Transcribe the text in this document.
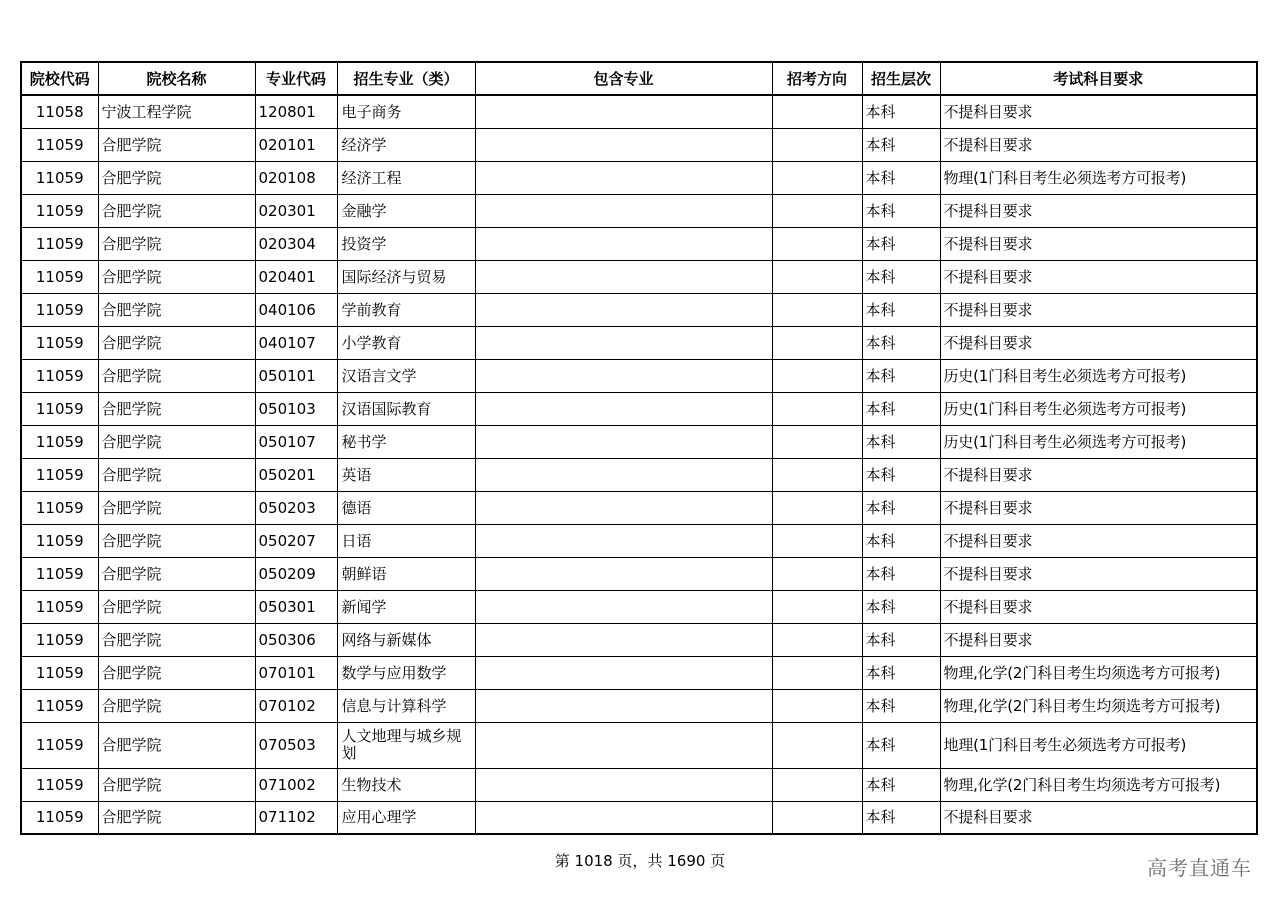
院校代码	院校名称	专业代码	招生专业（类）	包含专业	招考方向	招生层次	考试科目要求
11058	宁波工程学院	120801	电子商务			本科	不提科目要求
11059	合肥学院	020101	经济学			本科	不提科目要求
11059	合肥学院	020108	经济工程			本科	物理(1门科目考生必须选考方可报考)
11059	合肥学院	020301	金融学			本科	不提科目要求
11059	合肥学院	020304	投资学			本科	不提科目要求
11059	合肥学院	020401	国际经济与贸易			本科	不提科目要求
11059	合肥学院	040106	学前教育			本科	不提科目要求
11059	合肥学院	040107	小学教育			本科	不提科目要求
11059	合肥学院	050101	汉语言文学			本科	历史(1门科目考生必须选考方可报考)
11059	合肥学院	050103	汉语国际教育			本科	历史(1门科目考生必须选考方可报考)
11059	合肥学院	050107	秘书学			本科	历史(1门科目考生必须选考方可报考)
11059	合肥学院	050201	英语			本科	不提科目要求
11059	合肥学院	050203	德语			本科	不提科目要求
11059	合肥学院	050207	日语			本科	不提科目要求
11059	合肥学院	050209	朝鲜语			本科	不提科目要求
11059	合肥学院	050301	新闻学			本科	不提科目要求
11059	合肥学院	050306	网络与新媒体			本科	不提科目要求
11059	合肥学院	070101	数学与应用数学			本科	物理,化学(2门科目考生均须选考方可报考)
11059	合肥学院	070102	信息与计算科学			本科	物理,化学(2门科目考生均须选考方可报考)
11059	合肥学院	070503	人文地理与城乡规划			本科	地理(1门科目考生必须选考方可报考)
11059	合肥学院	071002	生物技术			本科	物理,化学(2门科目考生均须选考方可报考)
11059	合肥学院	071102	应用心理学			本科	不提科目要求
第 1018 页，共 1690 页	高考直通车
